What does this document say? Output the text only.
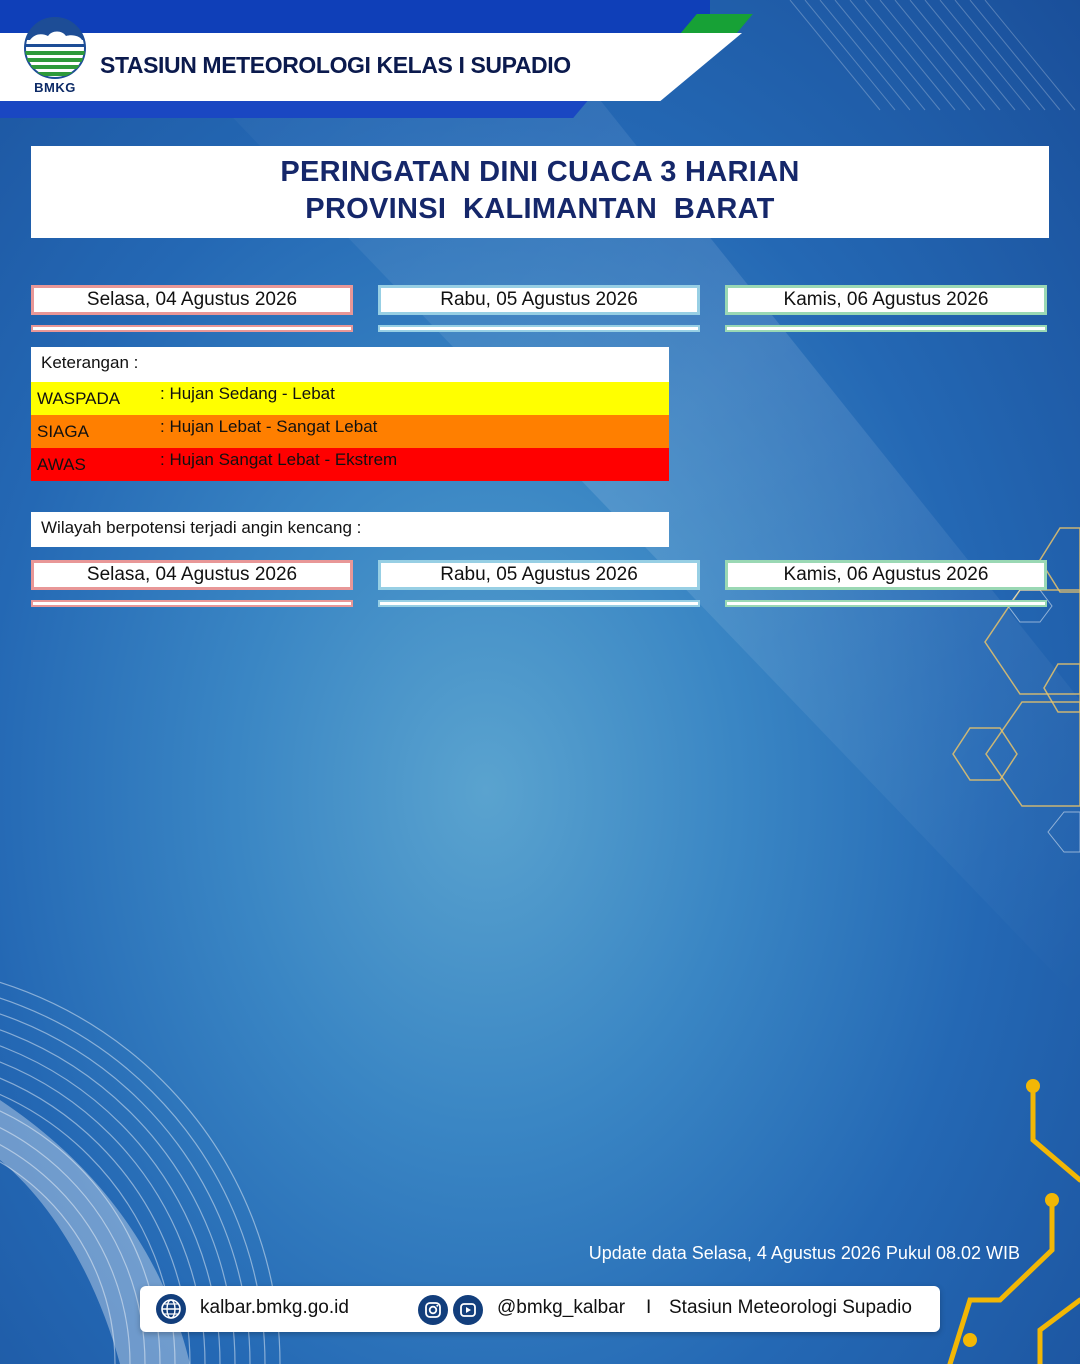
BMKG
STASIUN METEOROLOGI KELAS I SUPADIO
PERINGATAN DINI CUACA 3 HARIAN
PROVINSI  KALIMANTAN  BARAT
Selasa, 04 Agustus 2026	Rabu, 05 Agustus 2026	Kamis, 06 Agustus 2026
Keterangan :
WASPADA : Hujan Sedang - Lebat
SIAGA	: Hujan Lebat - Sangat Lebat
AWAS	: Hujan Sangat Lebat - Ekstrem
Wilayah berpotensi terjadi angin kencang :
Selasa, 04 Agustus 2026	Rabu, 05 Agustus 2026	Kamis, 06 Agustus 2026
Update data Selasa, 4 Agustus 2026 Pukul 08.02 WIB
kalbar.bmkg.go.id	@bmkg_kalbar I Stasiun Meteorologi Supadio
